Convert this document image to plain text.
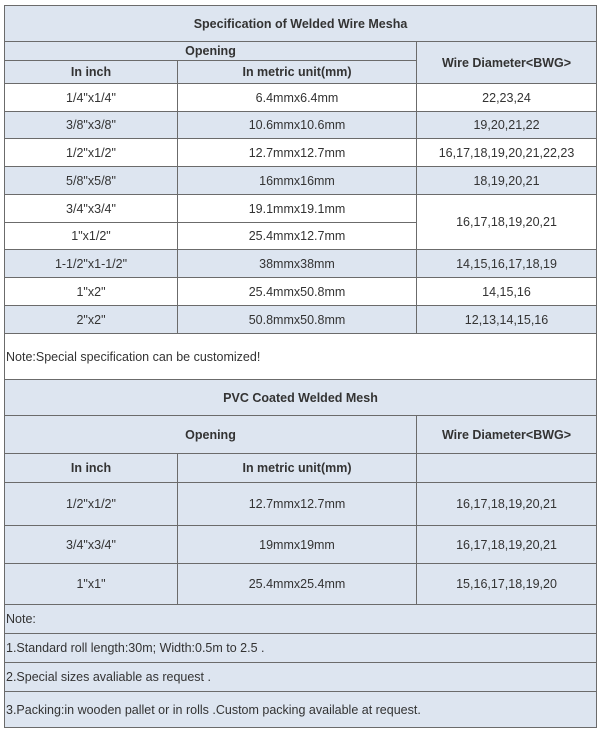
Specification of Welded Wire Mesha		
Opening		Wire Diameter<BWG>
In inch	In metric unit(mm)	
1/4"x1/4"	6.4mmx6.4mm	22,23,24
3/8"x3/8"	10.6mmx10.6mm	19,20,21,22
1/2"x1/2"	12.7mmx12.7mm	16,17,18,19,20,21,22,23
5/8"x5/8"	16mmx16mm	18,19,20,21
3/4"x3/4"	19.1mmx19.1mm	16,17,18,19,20,21
1"x1/2"	25.4mmx12.7mm	
1-1/2"x1-1/2"	38mmx38mm	14,15,16,17,18,19
1"x2"	25.4mmx50.8mm	14,15,16
2"x2"	50.8mmx50.8mm	12,13,14,15,16
Note:Special specification can be customized!		
PVC Coated Welded Mesh		
Opening		Wire Diameter<BWG>
In inch	In metric unit(mm)	
1/2"x1/2"	12.7mmx12.7mm	16,17,18,19,20,21
3/4"x3/4"	19mmx19mm	16,17,18,19,20,21
1"x1"	25.4mmx25.4mm	15,16,17,18,19,20
Note:		
1.Standard roll length:30m; Width:0.5m to 2.5 .		
2.Special sizes avaliable as request .		
3.Packing:in wooden pallet or in rolls .Custom packing available at request.		
